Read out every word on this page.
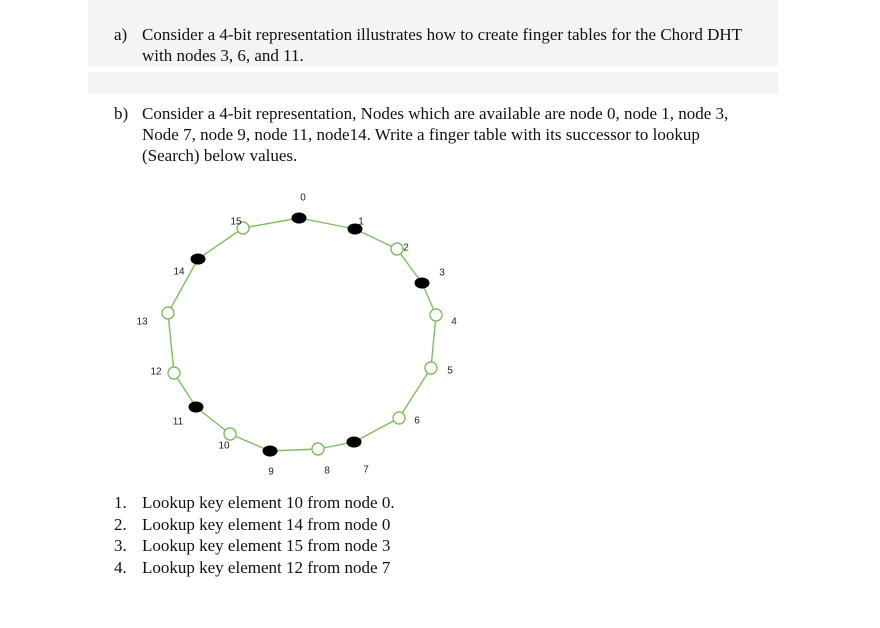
a) Consider a 4-bit representation illustrates how to create finger tables for the Chord DHT
with nodes 3, 6, and 11.
b) Consider a 4-bit representation, Nodes which are available are node 0, node 1, node 3,
Node 7, node 9, node 11, node14. Write a finger table with its successor to lookup
(Search) below values.
0
1
2
3
4
5
6
7
8
9
10
11
12
13
14
15
1. Lookup key element 10 from node 0.
2. Lookup key element 14 from node 0
3. Lookup key element 15 from node 3
4. Lookup key element 12 from node 7
